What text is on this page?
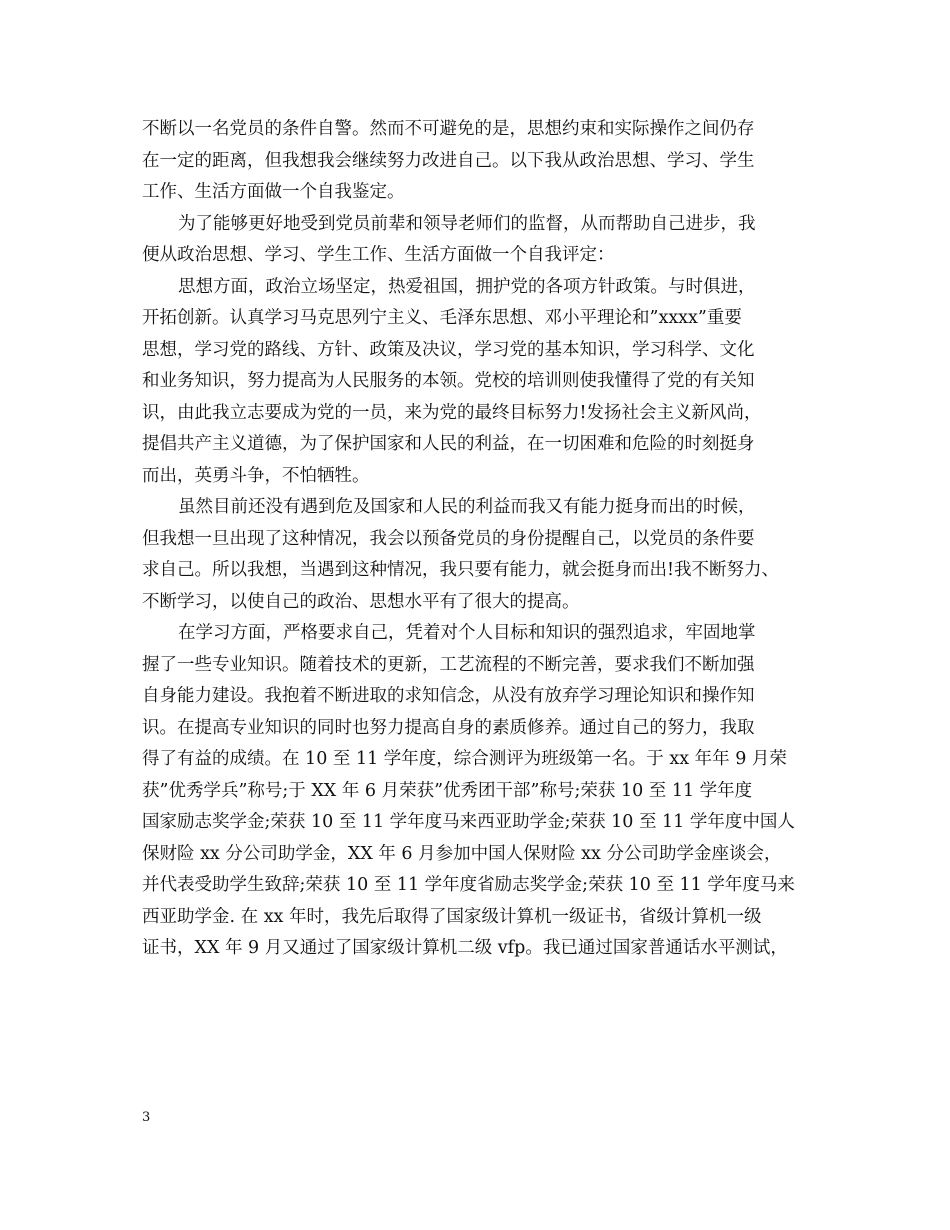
不断以一名党员的条件自警。然而不可避免的是，思想约束和实际操作之间仍存
在一定的距离，但我想我会继续努力改进自己。以下我从政治思想、学习、学生
工作、生活方面做一个自我鉴定。
为了能够更好地受到党员前辈和领导老师们的监督，从而帮助自己进步，我
便从政治思想、学习、学生工作、生活方面做一个自我评定：
思想方面，政治立场坚定，热爱祖国，拥护党的各项方针政策。与时俱进，
开拓创新。认真学习马克思列宁主义、毛泽东思想、邓小平理论和”xxxx”重要
思想，学习党的路线、方针、政策及决议，学习党的基本知识，学习科学、文化
和业务知识，努力提高为人民服务的本领。党校的培训则使我懂得了党的有关知
识，由此我立志要成为党的一员，来为党的最终目标努力!发扬社会主义新风尚，
提倡共产主义道德，为了保护国家和人民的利益，在一切困难和危险的时刻挺身
而出，英勇斗争，不怕牺牲。
虽然目前还没有遇到危及国家和人民的利益而我又有能力挺身而出的时候，
但我想一旦出现了这种情况，我会以预备党员的身份提醒自己，以党员的条件要
求自己。所以我想，当遇到这种情况，我只要有能力，就会挺身而出!我不断努力、
不断学习，以使自己的政治、思想水平有了很大的提高。
在学习方面，严格要求自己，凭着对个人目标和知识的强烈追求，牢固地掌
握了一些专业知识。随着技术的更新，工艺流程的不断完善，要求我们不断加强
自身能力建设。我抱着不断进取的求知信念，从没有放弃学习理论知识和操作知
识。在提高专业知识的同时也努力提高自身的素质修养。通过自己的努力，我取
得了有益的成绩。在 10 至 11 学年度，综合测评为班级第一名。于 xx 年年 9 月荣
获”优秀学兵”称号;于 XX 年 6 月荣获”优秀团干部”称号;荣获 10 至 11 学年度
国家励志奖学金;荣获 10 至 11 学年度马来西亚助学金;荣获 10 至 11 学年度中国人
保财险 xx 分公司助学金，XX 年 6 月参加中国人保财险 xx 分公司助学金座谈会，
并代表受助学生致辞;荣获 10 至 11 学年度省励志奖学金;荣获 10 至 11 学年度马来
西亚助学金. 在 xx 年时，我先后取得了国家级计算机一级证书，省级计算机一级
证书，XX 年 9 月又通过了国家级计算机二级 vfp。我已通过国家普通话水平测试，
3
